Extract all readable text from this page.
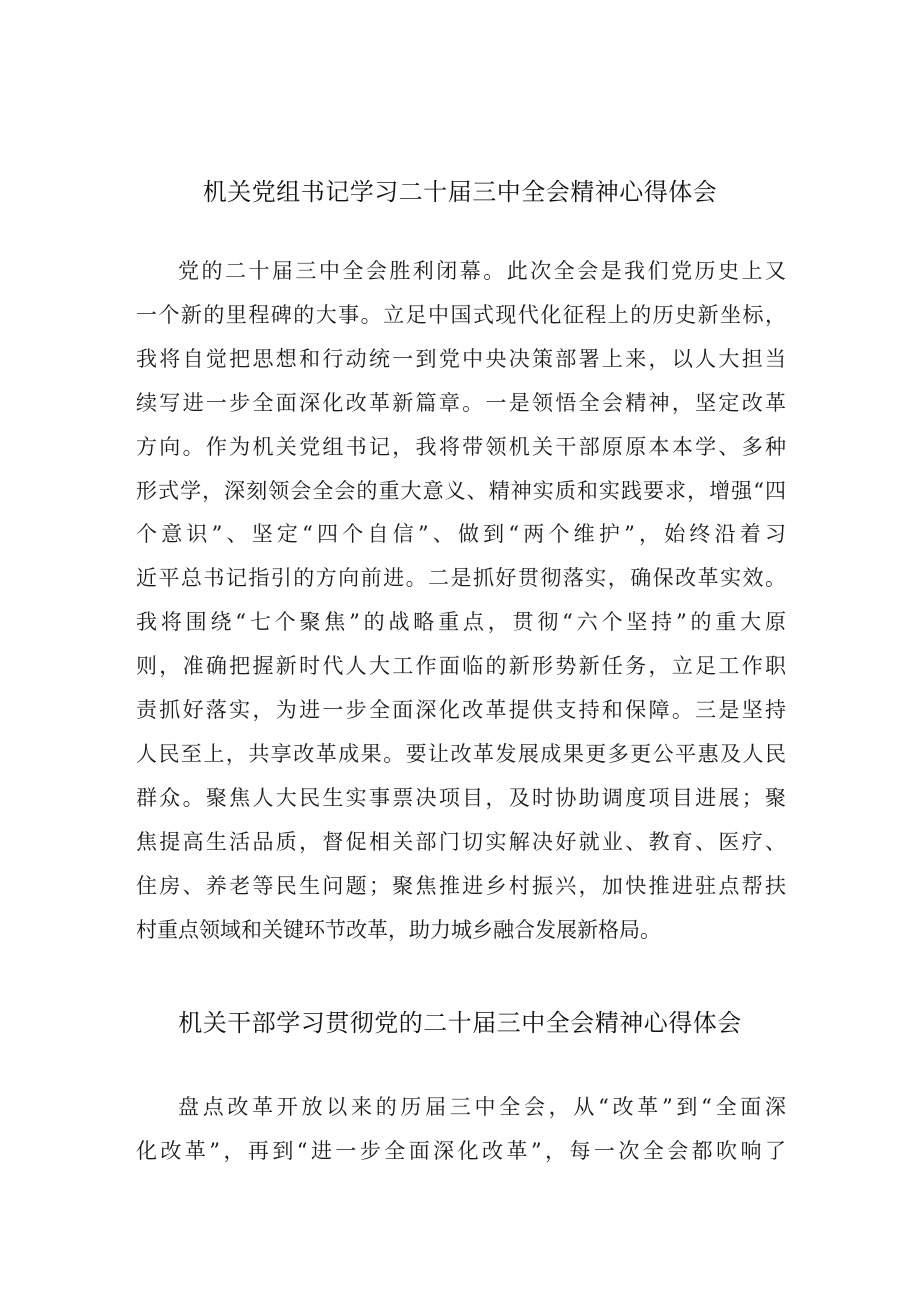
机关党组书记学习二十届三中全会精神心得体会

党的二十届三中全会胜利闭幕。此次全会是我们党历史上又
一个新的里程碑的大事。立足中国式现代化征程上的历史新坐标，
我将自觉把思想和行动统一到党中央决策部署上来，以人大担当
续写进一步全面深化改革新篇章。一是领悟全会精神，坚定改革
方向。作为机关党组书记，我将带领机关干部原原本本学、多种
形式学，深刻领会全会的重大意义、精神实质和实践要求，增强“四
个意识”、坚定“四个自信”、做到“两个维护”，始终沿着习
近平总书记指引的方向前进。二是抓好贯彻落实，确保改革实效。
我将围绕“七个聚焦”的战略重点，贯彻“六个坚持”的重大原
则，准确把握新时代人大工作面临的新形势新任务，立足工作职
责抓好落实，为进一步全面深化改革提供支持和保障。三是坚持
人民至上，共享改革成果。要让改革发展成果更多更公平惠及人民
群众。聚焦人大民生实事票决项目，及时协助调度项目进展；聚
焦提高生活品质，督促相关部门切实解决好就业、教育、医疗、
住房、养老等民生问题；聚焦推进乡村振兴，加快推进驻点帮扶
村重点领域和关键环节改革，助力城乡融合发展新格局。

机关干部学习贯彻党的二十届三中全会精神心得体会

盘点改革开放以来的历届三中全会，从“改革”到“全面深
化改革”，再到“进一步全面深化改革”，每一次全会都吹响了
